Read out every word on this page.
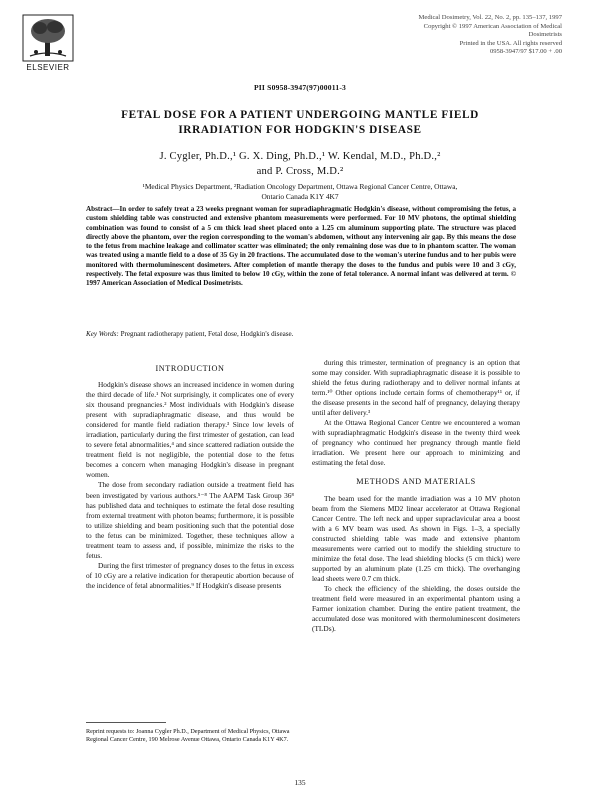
ELSEVIER
Medical Dosimetry, Vol. 22, No. 2, pp. 135–137, 1997
Copyright © 1997 American Association of Medical Dosimetrists
Printed in the USA. All rights reserved
0958-3947/97 $17.00 + .00
PII S0958-3947(97)00011-3
FETAL DOSE FOR A PATIENT UNDERGOING MANTLE FIELD
IRRADIATION FOR HODGKIN'S DISEASE
J. Cygler, Ph.D.,¹ G. X. Ding, Ph.D.,¹ W. Kendal, M.D., Ph.D.,²
and P. Cross, M.D.²
¹Medical Physics Department, ²Radiation Oncology Department, Ottawa Regional Cancer Centre, Ottawa,
Ontario Canada K1Y 4K7
Abstract—In order to safely treat a 23 weeks pregnant woman for supradiaphragmatic Hodgkin's disease, without compromising the fetus, a custom shielding table was constructed and extensive phantom measurements were performed. For 10 MV photons, the optimal shielding combination was found to consist of a 5 cm thick lead sheet placed onto a 1.25 cm aluminum supporting plate. The structure was placed directly above the phantom, over the region corresponding to the woman's abdomen, without any intervening air gap. By this means the dose to the fetus from machine leakage and collimator scatter was eliminated; the only remaining dose was due to in phantom scatter. The woman was treated using a mantle field to a dose of 35 Gy in 20 fractions. The accumulated dose to the woman's uterine fundus and to her pubis were monitored with thermoluminescent dosimeters. After completion of mantle therapy the doses to the fundus and pubis were 10 and 3 cGy, respectively. The fetal exposure was thus limited to below 10 cGy, within the zone of fetal tolerance. A normal infant was delivered at term. © 1997 American Association of Medical Dosimetrists.
Key Words: Pregnant radiotherapy patient, Fetal dose, Hodgkin's disease.
INTRODUCTION

Hodgkin's disease shows an increased incidence in women during the third decade of life.¹ Not surprisingly, it complicates one of every six thousand pregnancies.² Most individuals with Hodgkin's disease present with supradiaphragmatic disease, and thus would be considered for mantle field radiation therapy.³ Since low levels of irradiation, particularly during the first trimester of gestation, can lead to severe fetal abnormalities,⁴ and since scattered radiation outside the treatment field is not negligible, the potential dose to the fetus becomes a concern when managing Hodgkin's disease in pregnant women.

The dose from secondary radiation outside a treatment field has been investigated by various authors.⁵⁻⁸ The AAPM Task Group 36⁸ has published data and techniques to estimate the fetal dose resulting from external treatment with photon beams; furthermore, it is possible to utilize shielding and beam positioning such that the potential dose to the fetus can be minimized. Together, these techniques allow a treatment team to assess and, if possible, minimize the risks to the fetus.

During the first trimester of pregnancy doses to the fetus in excess of 10 cGy are a relative indication for therapeutic abortion because of the incidence of fetal abnormalities.⁹ If Hodgkin's disease presents

during this trimester, termination of pregnancy is an option that some may consider. With supradiaphragmatic disease it is possible to shield the fetus during radiotherapy and to deliver normal infants at term.¹⁰ Other options include certain forms of chemotherapy¹¹ or, if the disease presents in the second half of pregnancy, delaying therapy until after delivery.³

At the Ottawa Regional Cancer Centre we encountered a woman with supradiaphragmatic Hodgkin's disease in the twenty third week of pregnancy who continued her pregnancy through mantle field irradiation. We present here our approach to minimizing and estimating the fetal dose.

METHODS AND MATERIALS

The beam used for the mantle irradiation was a 10 MV photon beam from the Siemens MD2 linear accelerator at Ottawa Regional Cancer Centre. The left neck and upper supraclavicular area a boost with a 6 MV beam was used. As shown in Figs. 1–3, a specially constructed shielding table was made and extensive phantom measurements were carried out to modify the shielding structure to minimize the fetal dose. The lead shielding blocks (5 cm thick) were supported by an aluminum plate (1.25 cm thick). The overhanging lead sheets were 0.7 cm thick.

To check the efficiency of the shielding, the doses outside the treatment field were measured in an experimental phantom using a Farmer ionization chamber. During the entire patient treatment, the accumulated dose was monitored with thermoluminescent dosimeters (TLDs).

Reprint requests to: Joanna Cygler Ph.D., Department of Medical Physics, Ottawa Regional Cancer Centre, 190 Melrose Avenue Ottawa, Ontario Canada K1Y 4K7.
135
